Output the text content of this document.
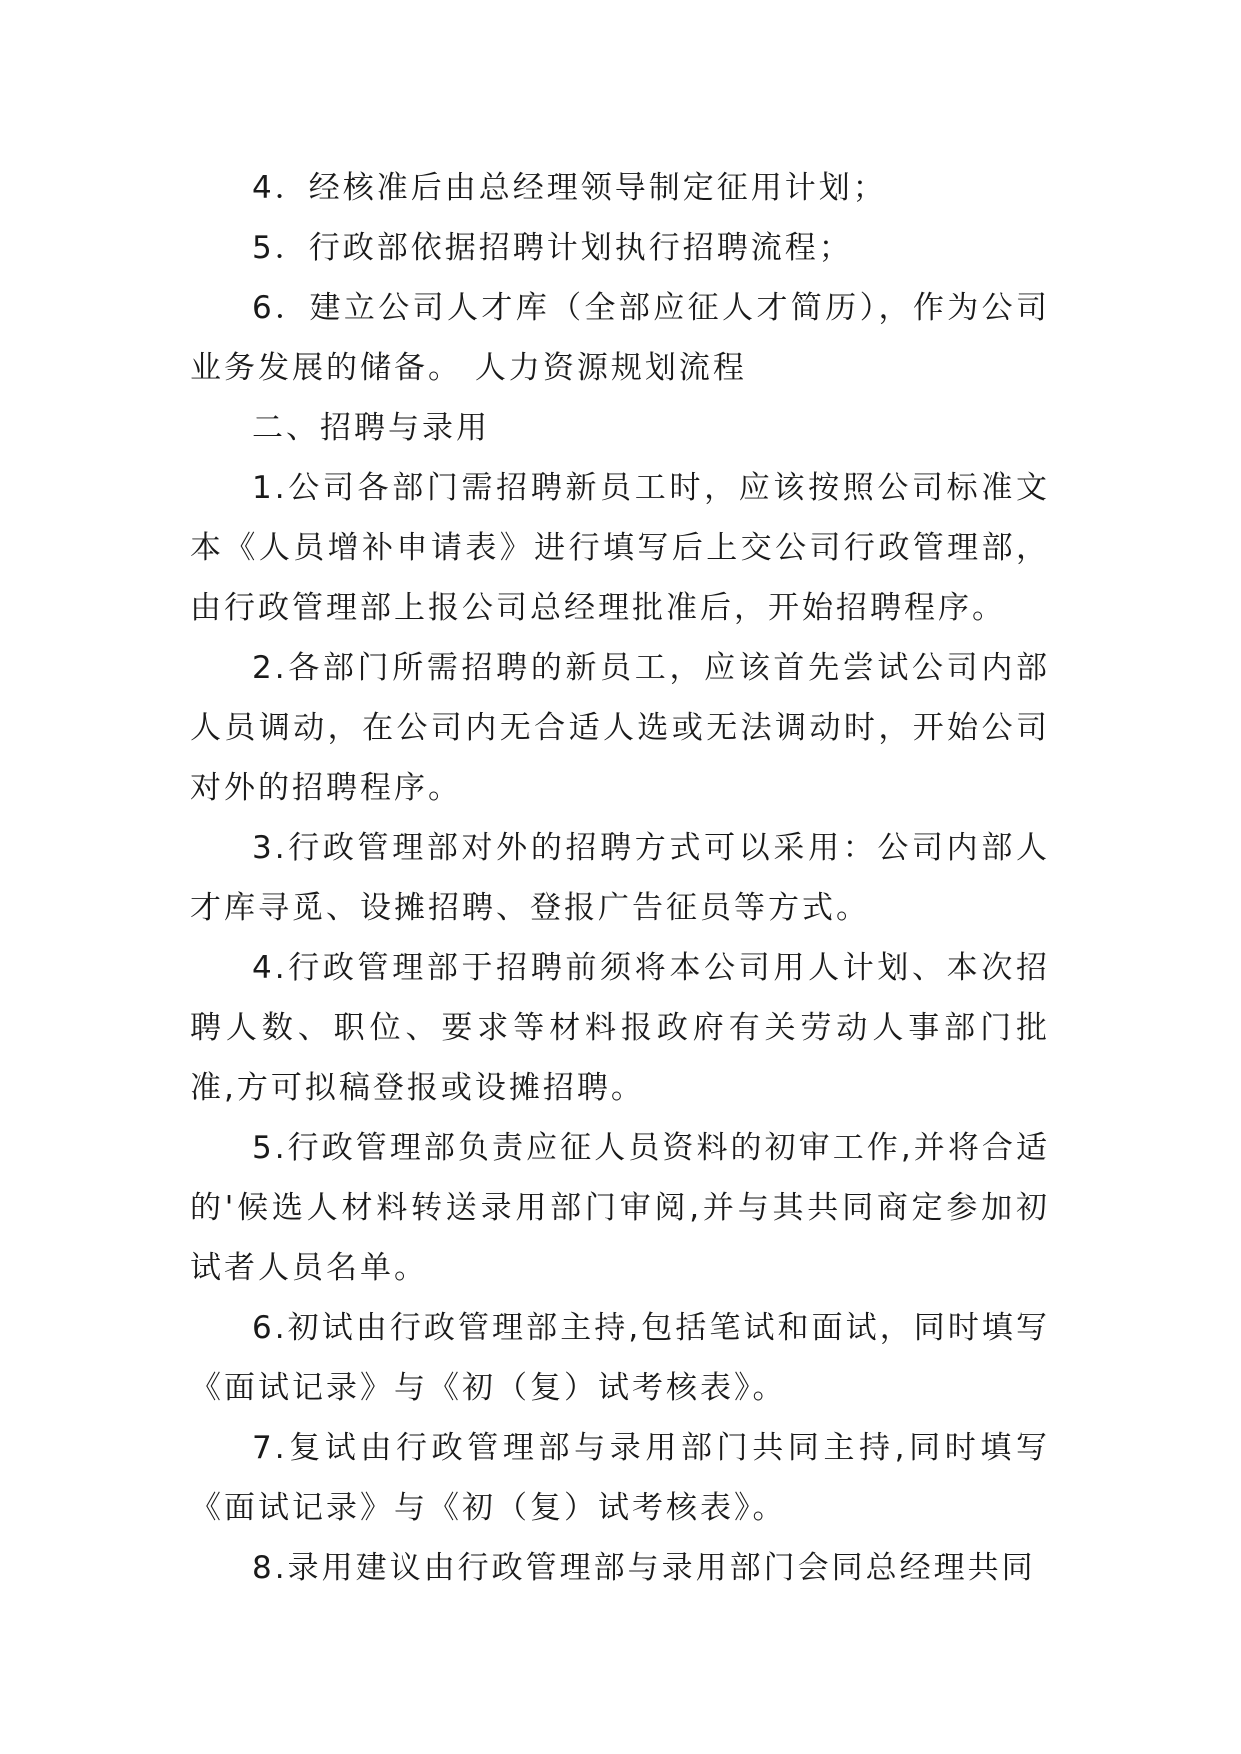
4．经核准后由总经理领导制定征用计划；

5．行政部依据招聘计划执行招聘流程；

6．建立公司人才库（全部应征人才简历），作为公司业务发展的储备。 人力资源规划流程

二、招聘与录用

1.公司各部门需招聘新员工时，应该按照公司标准文本《人员增补申请表》进行填写后上交公司行政管理部，由行政管理部上报公司总经理批准后，开始招聘程序。

2.各部门所需招聘的新员工，应该首先尝试公司内部人员调动，在公司内无合适人选或无法调动时，开始公司对外的招聘程序。

3.行政管理部对外的招聘方式可以采用：公司内部人才库寻觅、设摊招聘、登报广告征员等方式。

4.行政管理部于招聘前须将本公司用人计划、本次招聘人数、职位、要求等材料报政府有关劳动人事部门批准,方可拟稿登报或设摊招聘。

5.行政管理部负责应征人员资料的初审工作,并将合适的'候选人材料转送录用部门审阅,并与其共同商定参加初试者人员名单。

6.初试由行政管理部主持,包括笔试和面试，同时填写《面试记录》与《初（复）试考核表》。

7.复试由行政管理部与录用部门共同主持,同时填写《面试记录》与《初（复）试考核表》。

8.录用建议由行政管理部与录用部门会同总经理共同
